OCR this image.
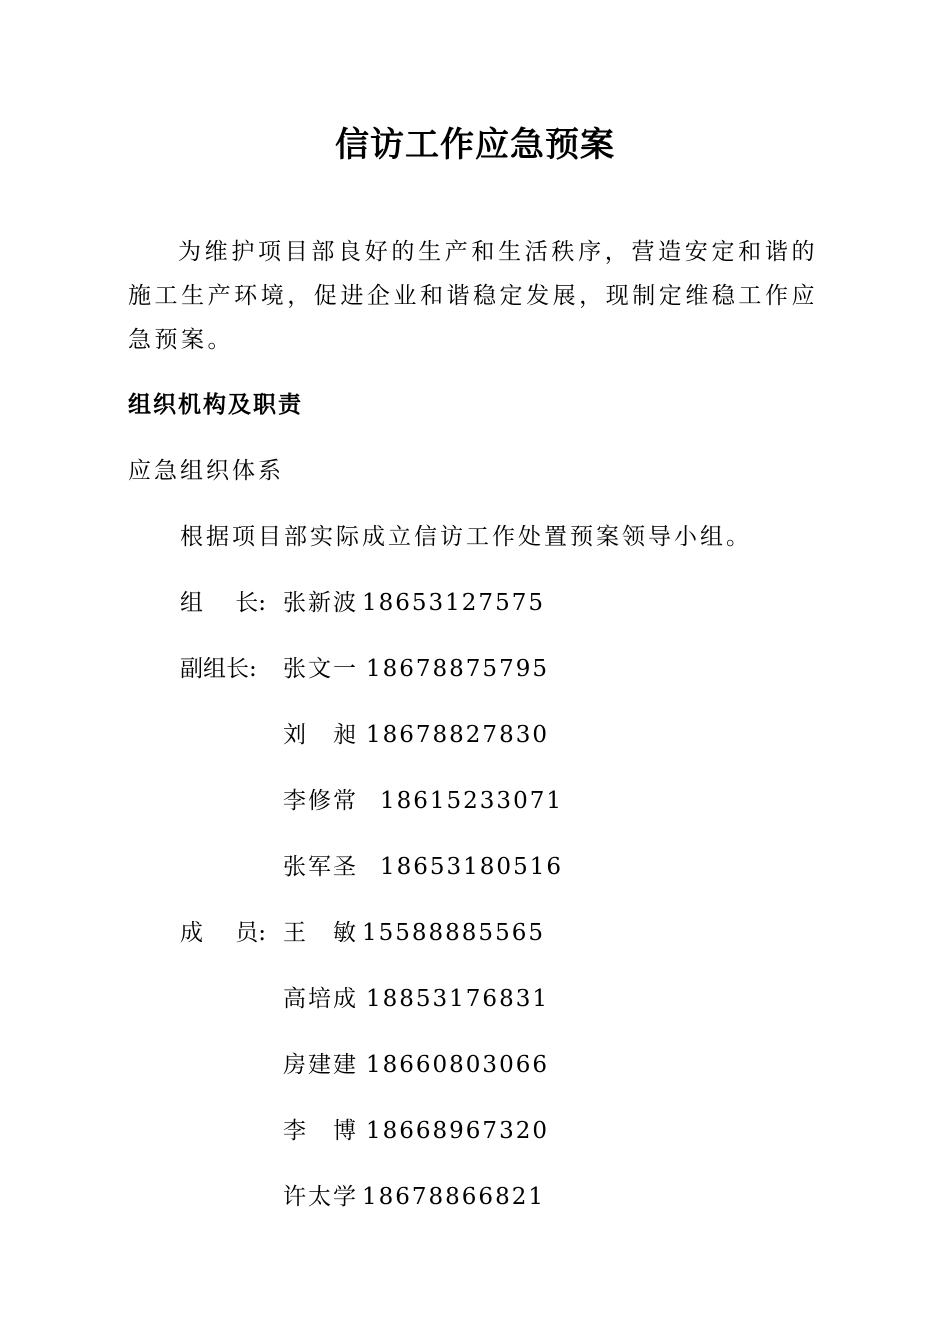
信访工作应急预案

为维护项目部良好的生产和生活秩序，营造安定和谐的施工生产环境，促进企业和谐稳定发展，现制定维稳工作应急预案。

组织机构及职责
应急组织体系
根据项目部实际成立信访工作处置预案领导小组。
组 长: 张新波 18653127575
副组长:	张文一 18678875795
刘　昶 18678827830
李修常 18615233071
张军圣 18653180516
成 员: 王　敏 15588885565
高培成 18853176831
房建建 18660803066
李　博 18668967320
许太学 18678866821
